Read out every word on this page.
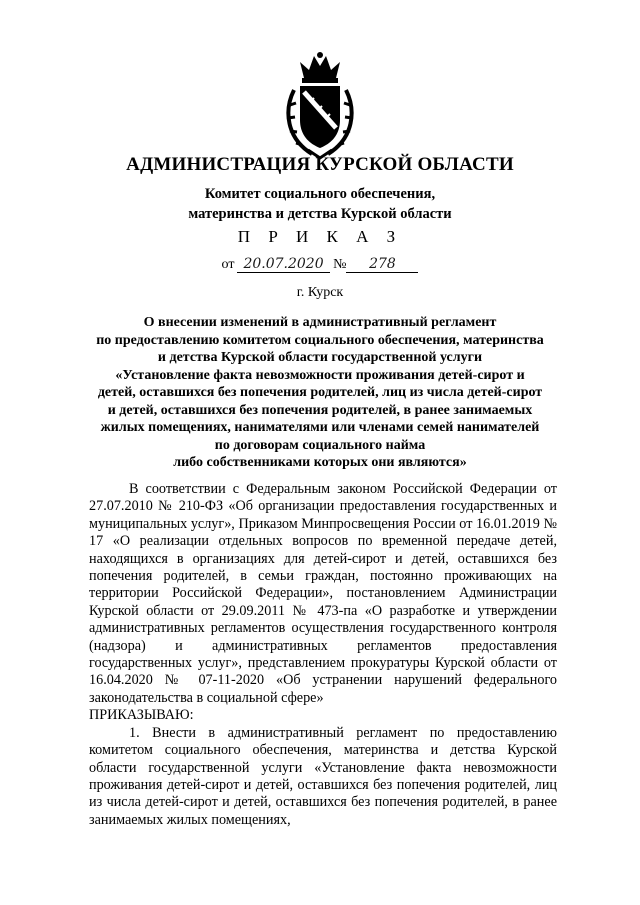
АДМИНИСТРАЦИЯ КУРСКОЙ ОБЛАСТИ
Комитет социального обеспечения,
материнства и детства Курской области
П Р И К А З
от 20.07.2020 № 278
г. Курск
О внесении изменений в административный регламент
по предоставлению комитетом социального обеспечения, материнства
и детства Курской области государственной услуги
«Установление факта невозможности проживания детей-сирот и
детей, оставшихся без попечения родителей, лиц из числа детей-сирот
и детей, оставшихся без попечения родителей, в ранее занимаемых
жилых помещениях, нанимателями или членами семей нанимателей
по договорам социального найма
либо собственниками которых они являются»

В соответствии с Федеральным законом Российской Федерации от 27.07.2010 № 210-ФЗ «Об организации предоставления государственных и муниципальных услуг», Приказом Минпросвещения России от 16.01.2019 № 17 «О реализации отдельных вопросов по временной передаче детей, находящихся в организациях для детей-сирот и детей, оставшихся без попечения родителей, в семьи граждан, постоянно проживающих на территории Российской Федерации», постановлением Администрации Курской области от 29.09.2011 № 473-па «О разработке и утверждении административных регламентов осуществления государственного контроля (надзора) и административных регламентов предоставления государственных услуг», представлением прокуратуры Курской области от 16.04.2020 № 07-11-2020 «Об устранении нарушений федерального законодательства в социальной сфере»

ПРИКАЗЫВАЮ:

1. Внести в административный регламент по предоставлению комитетом социального обеспечения, материнства и детства Курской области государственной услуги «Установление факта невозможности проживания детей-сирот и детей, оставшихся без попечения родителей, лиц из числа детей-сирот и детей, оставшихся без попечения родителей, в ранее занимаемых жилых помещениях,
